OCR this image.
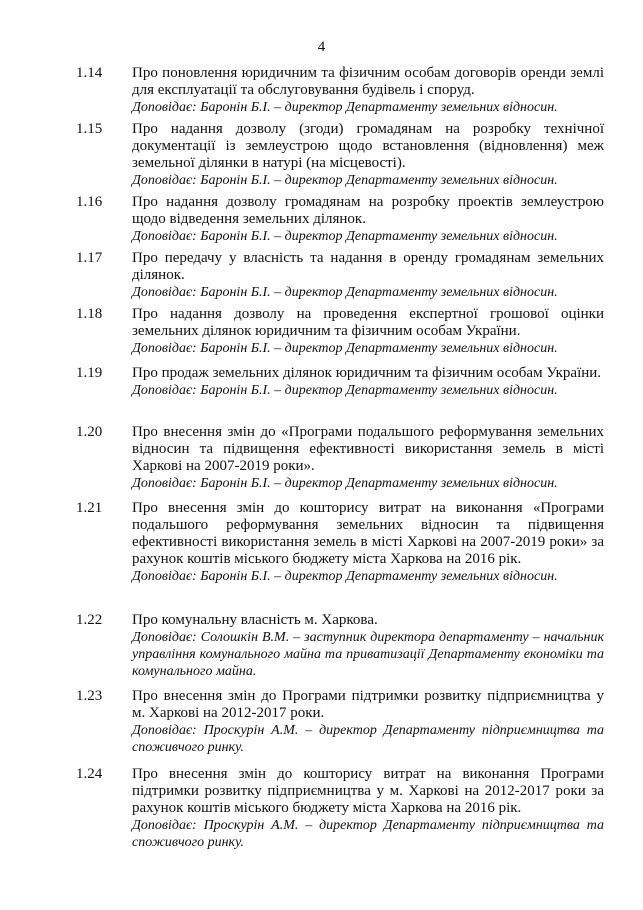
4
1.14 Про поновлення юридичним та фізичним особам договорів оренди землі для експлуатації та обслуговування будівель і споруд.

Доповідає: Баронін Б.І. – директор Департаменту земельних відносин.

1.15 Про надання дозволу (згоди) громадянам на розробку технічної документації із землеустрою щодо встановлення (відновлення) меж земельної ділянки в натурі (на місцевості).

Доповідає: Баронін Б.І. – директор Департаменту земельних відносин.

1.16 Про надання дозволу громадянам на розробку проектів землеустрою щодо відведення земельних ділянок.

Доповідає: Баронін Б.І. – директор Департаменту земельних відносин.

1.17 Про передачу у власність та надання в оренду громадянам земельних ділянок.

Доповідає: Баронін Б.І. – директор Департаменту земельних відносин.

1.18 Про надання дозволу на проведення експертної грошової оцінки земельних ділянок юридичним та фізичним особам України.

Доповідає: Баронін Б.І. – директор Департаменту земельних відносин.

1.19 Про продаж земельних ділянок юридичним та фізичним особам України.

Доповідає: Баронін Б.І. – директор Департаменту земельних відносин.

1.20 Про внесення змін до «Програми подальшого реформування земельних відносин та підвищення ефективності використання земель в місті Харкові на 2007-2019 роки».

Доповідає: Баронін Б.І. – директор Департаменту земельних відносин.

1.21 Про внесення змін до кошторису витрат на виконання «Програми подальшого реформування земельних відносин та підвищення ефективності використання земель в місті Харкові на 2007-2019 роки» за рахунок коштів міського бюджету міста Харкова на 2016 рік.

Доповідає: Баронін Б.І. – директор Департаменту земельних відносин.

1.22 Про комунальну власність м. Харкова.

Доповідає: Солошкін В.М. – заступник директора департаменту – начальник управління комунального майна та приватизації Департаменту економіки та комунального майна.

1.23 Про внесення змін до Програми підтримки розвитку підприємництва у м. Харкові на 2012-2017 роки.

Доповідає: Проскурін А.М. – директор Департаменту підприємництва та споживчого ринку.

1.24 Про внесення змін до кошторису витрат на виконання Програми підтримки розвитку підприємництва у м. Харкові на 2012-2017 роки за рахунок коштів міського бюджету міста Харкова на 2016 рік.

Доповідає: Проскурін А.М. – директор Департаменту підприємництва та споживчого ринку.
